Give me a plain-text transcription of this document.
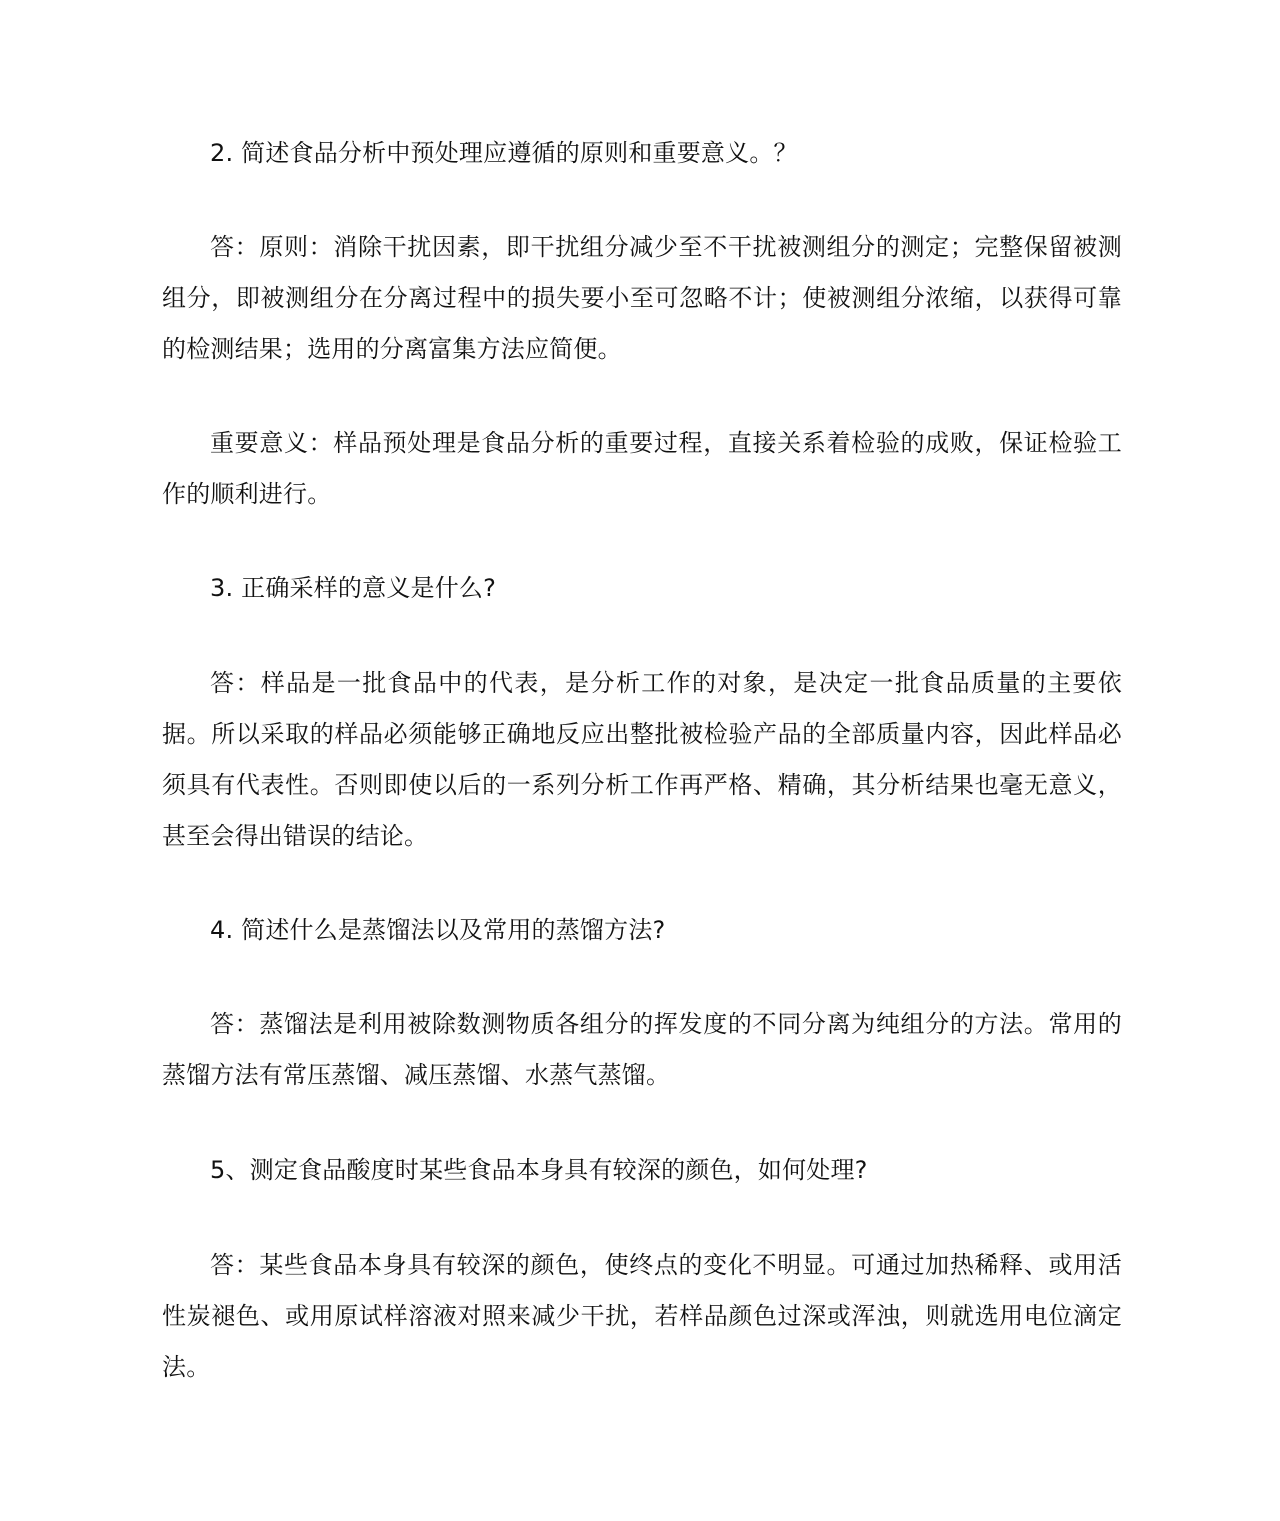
2. 简述食品分析中预处理应遵循的原则和重要意义。？

答：原则：消除干扰因素，即干扰组分减少至不干扰被测组分的测定；完整保留被测组分，即被测组分在分离过程中的损失要小至可忽略不计；使被测组分浓缩，以获得可靠的检测结果；选用的分离富集方法应简便。

重要意义：样品预处理是食品分析的重要过程，直接关系着检验的成败，保证检验工作的顺利进行。

3. 正确采样的意义是什么?

答：样品是一批食品中的代表，是分析工作的对象，是决定一批食品质量的主要依据。所以采取的样品必须能够正确地反应出整批被检验产品的全部质量内容，因此样品必须具有代表性。否则即使以后的一系列分析工作再严格、精确，其分析结果也毫无意义，甚至会得出错误的结论。

4. 简述什么是蒸馏法以及常用的蒸馏方法?

答：蒸馏法是利用被除数测物质各组分的挥发度的不同分离为纯组分的方法。常用的蒸馏方法有常压蒸馏、减压蒸馏、水蒸气蒸馏。

5、测定食品酸度时某些食品本身具有较深的颜色，如何处理?

答：某些食品本身具有较深的颜色，使终点的变化不明显。可通过加热稀释、或用活性炭褪色、或用原试样溶液对照来减少干扰，若样品颜色过深或浑浊，则就选用电位滴定法。
